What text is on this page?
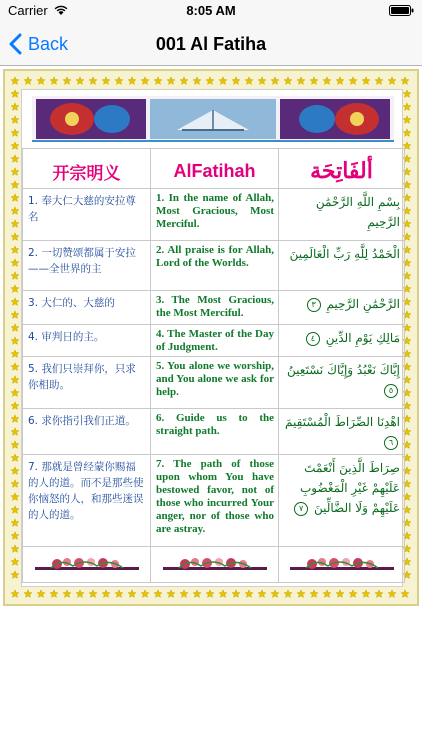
Carrier	8:05 AM
Back	001 Al Fatiha
开宗明义	AlFatihah	ألفَاتِحَة
1. 奉大仁大慈的安拉尊名	1. In the name of Allah, Most Gracious, Most Merciful.	بِسْمِ اللَّهِ الرَّحْمَٰنِ الرَّحِيمِ
2. 一切赞颂都属于安拉——全世界的主	2. All praise is for Allah, Lord of the Worlds.	الْحَمْدُ لِلَّهِ رَبِّ الْعَالَمِينَ
3. 大仁的、大慈的	3. The Most Gracious, the Most Merciful.	الرَّحْمَٰنِ الرَّحِيمِ ٣
4. 审判日的主。	4. The Master of the Day of Judgment.	مَالِكِ يَوْمِ الدِّينِ ٤
5. 我们只崇拜你，只求你相助。	5. You alone we worship, and You alone we ask for help.	إِيَّاكَ نَعْبُدُ وَإِيَّاكَ نَسْتَعِينُ ٥
6. 求你指引我们正道。	6. Guide us to the straight path.	اهْدِنَا الصِّرَاطَ الْمُسْتَقِيمَ ٦
7. 那就是曾经蒙你赐福的人的道。而不是那些使你恼怒的人，和那些迷误的人的道。	7. The path of those upon whom You have bestowed favor, not of those who incurred Your anger, nor of those who are astray.	صِرَاطَ الَّذِينَ أَنْعَمْتَ عَلَيْهِمْ غَيْرِ الْمَغْضُوبِ عَلَيْهِمْ وَلَا الضَّالِّينَ ٧
